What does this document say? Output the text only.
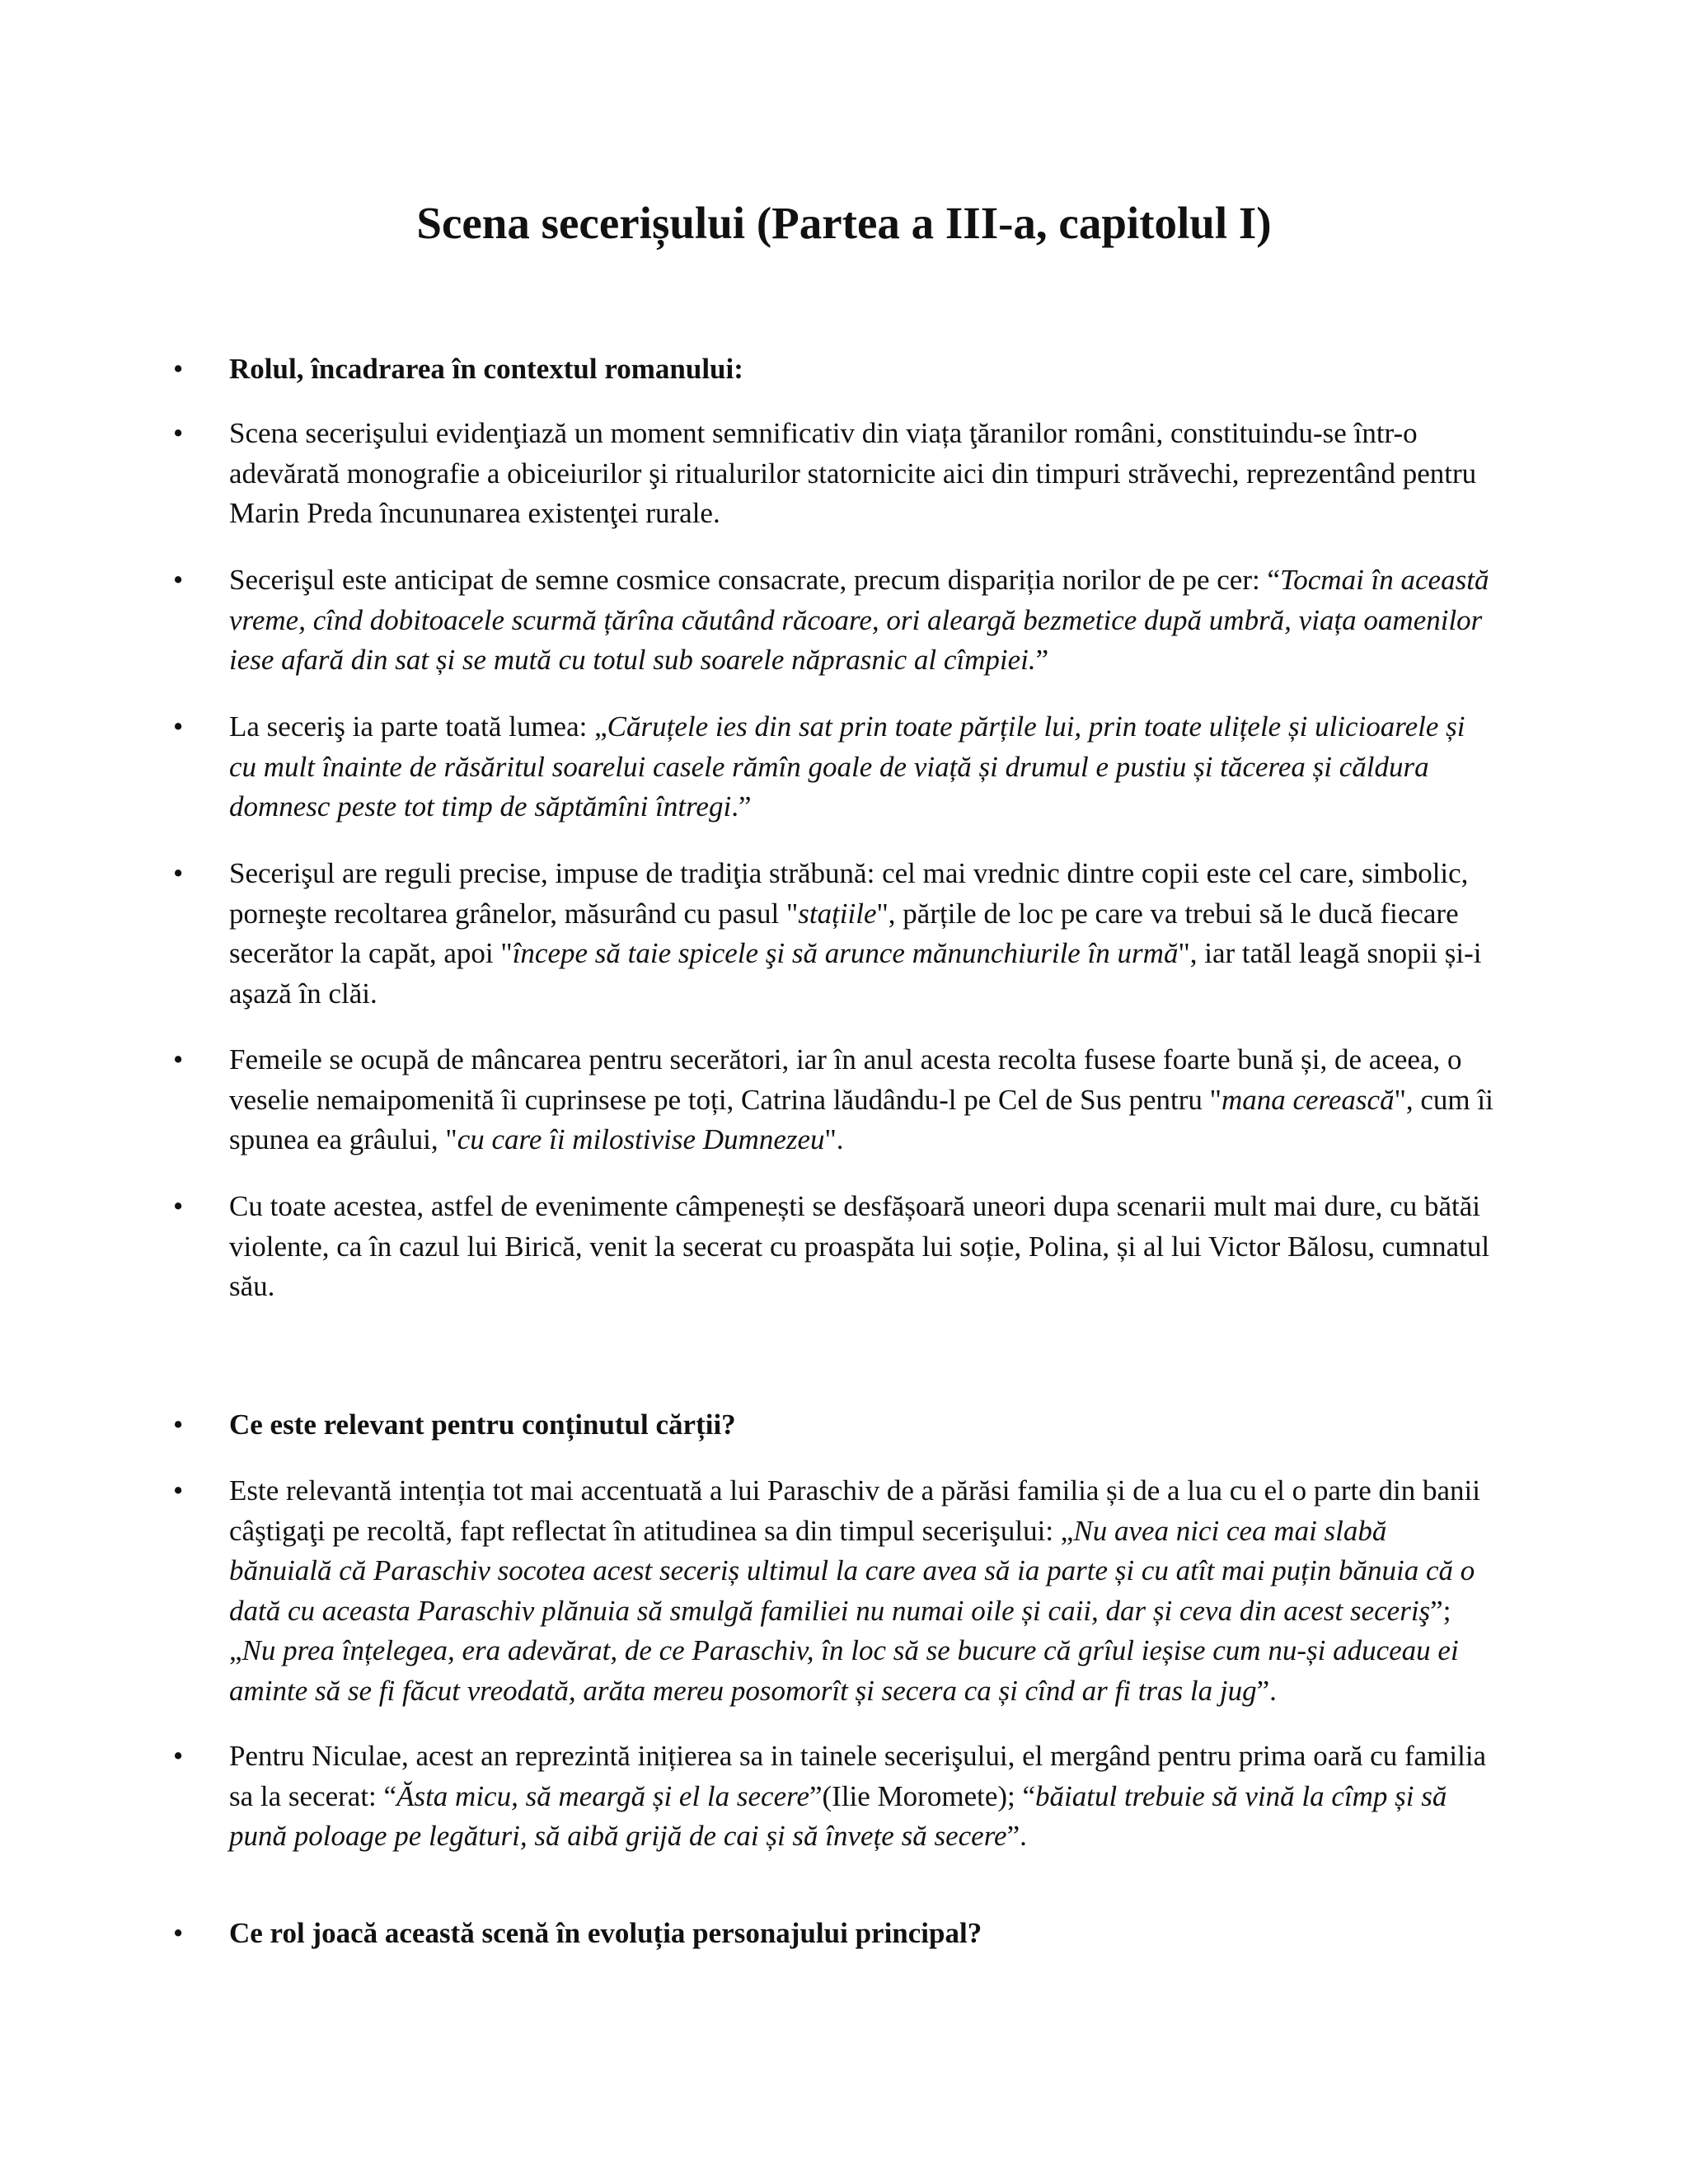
Scena secerișului (Partea a III-a, capitolul I)
• Rolul, încadrarea în contextul romanului:
• Scena secerişului evidenţiază un moment semnificativ din viața ţăranilor români, constituindu-se într-o adevărată monografie a obiceiurilor şi ritualurilor statornicite aici din timpuri străvechi, reprezentând pentru Marin Preda încununarea existenţei rurale.
• Secerişul este anticipat de semne cosmice consacrate, precum dispariția norilor de pe cer: “Tocmai în această vreme, cînd dobitoacele scurmă țărîna căutând răcoare, ori aleargă bezmetice după umbră, viața oamenilor iese afară din sat și se mută cu totul sub soarele năprasnic al cîmpiei.”
• La seceriş ia parte toată lumea: „Căruțele ies din sat prin toate părțile lui, prin toate ulițele și ulicioarele și cu mult înainte de răsăritul soarelui casele rămîn goale de viață și drumul e pustiu și tăcerea și căldura domnesc peste tot timp de săptămîni întregi.”
• Secerişul are reguli precise, impuse de tradiţia străbună: cel mai vrednic dintre copii este cel care, simbolic, porneşte recoltarea grânelor, măsurând cu pasul "stațiile", părțile de loc pe care va trebui să le ducă fiecare secerător la capăt, apoi "începe să taie spicele şi să arunce mănunchiurile în urmă", iar tatăl leagă snopii și-i aşază în clăi.
• Femeile se ocupă de mâncarea pentru secerători, iar în anul acesta recolta fusese foarte bună și, de aceea, o veselie nemaipomenită îi cuprinsese pe toți, Catrina lăudându-l pe Cel de Sus pentru "mana cerească", cum îi spunea ea grâului, "cu care îi milostivise Dumnezeu".
• Cu toate acestea, astfel de evenimente câmpenești se desfășoară uneori dupa scenarii mult mai dure, cu bătăi violente, ca în cazul lui Birică, venit la secerat cu proaspăta lui soție, Polina, și al lui Victor Bălosu, cumnatul său.
• Ce este relevant pentru conținutul cărții?
• Este relevantă intenția tot mai accentuată a lui Paraschiv de a părăsi familia și de a lua cu el o parte din banii câştigaţi pe recoltă, fapt reflectat în atitudinea sa din timpul secerişului: „Nu avea nici cea mai slabă bănuială că Paraschiv socotea acest seceriș ultimul la care avea să ia parte și cu atît mai puțin bănuia că o dată cu aceasta Paraschiv plănuia să smulgă familiei nu numai oile și caii, dar și ceva din acest seceriş”; „Nu prea înțelegea, era adevărat, de ce Paraschiv, în loc să se bucure că grîul ieșise cum nu-și aduceau ei aminte să se fi făcut vreodată, arăta mereu posomorît și secera ca și cînd ar fi tras la jug”.
• Pentru Niculae, acest an reprezintă inițierea sa in tainele secerişului, el mergând pentru prima oară cu familia sa la secerat: “Ăsta micu, să meargă și el la secere”(Ilie Moromete); “băiatul trebuie să vină la cîmp și să pună poloage pe legături, să aibă grijă de cai și să învețe să secere”.
• Ce rol joacă această scenă în evoluția personajului principal?
